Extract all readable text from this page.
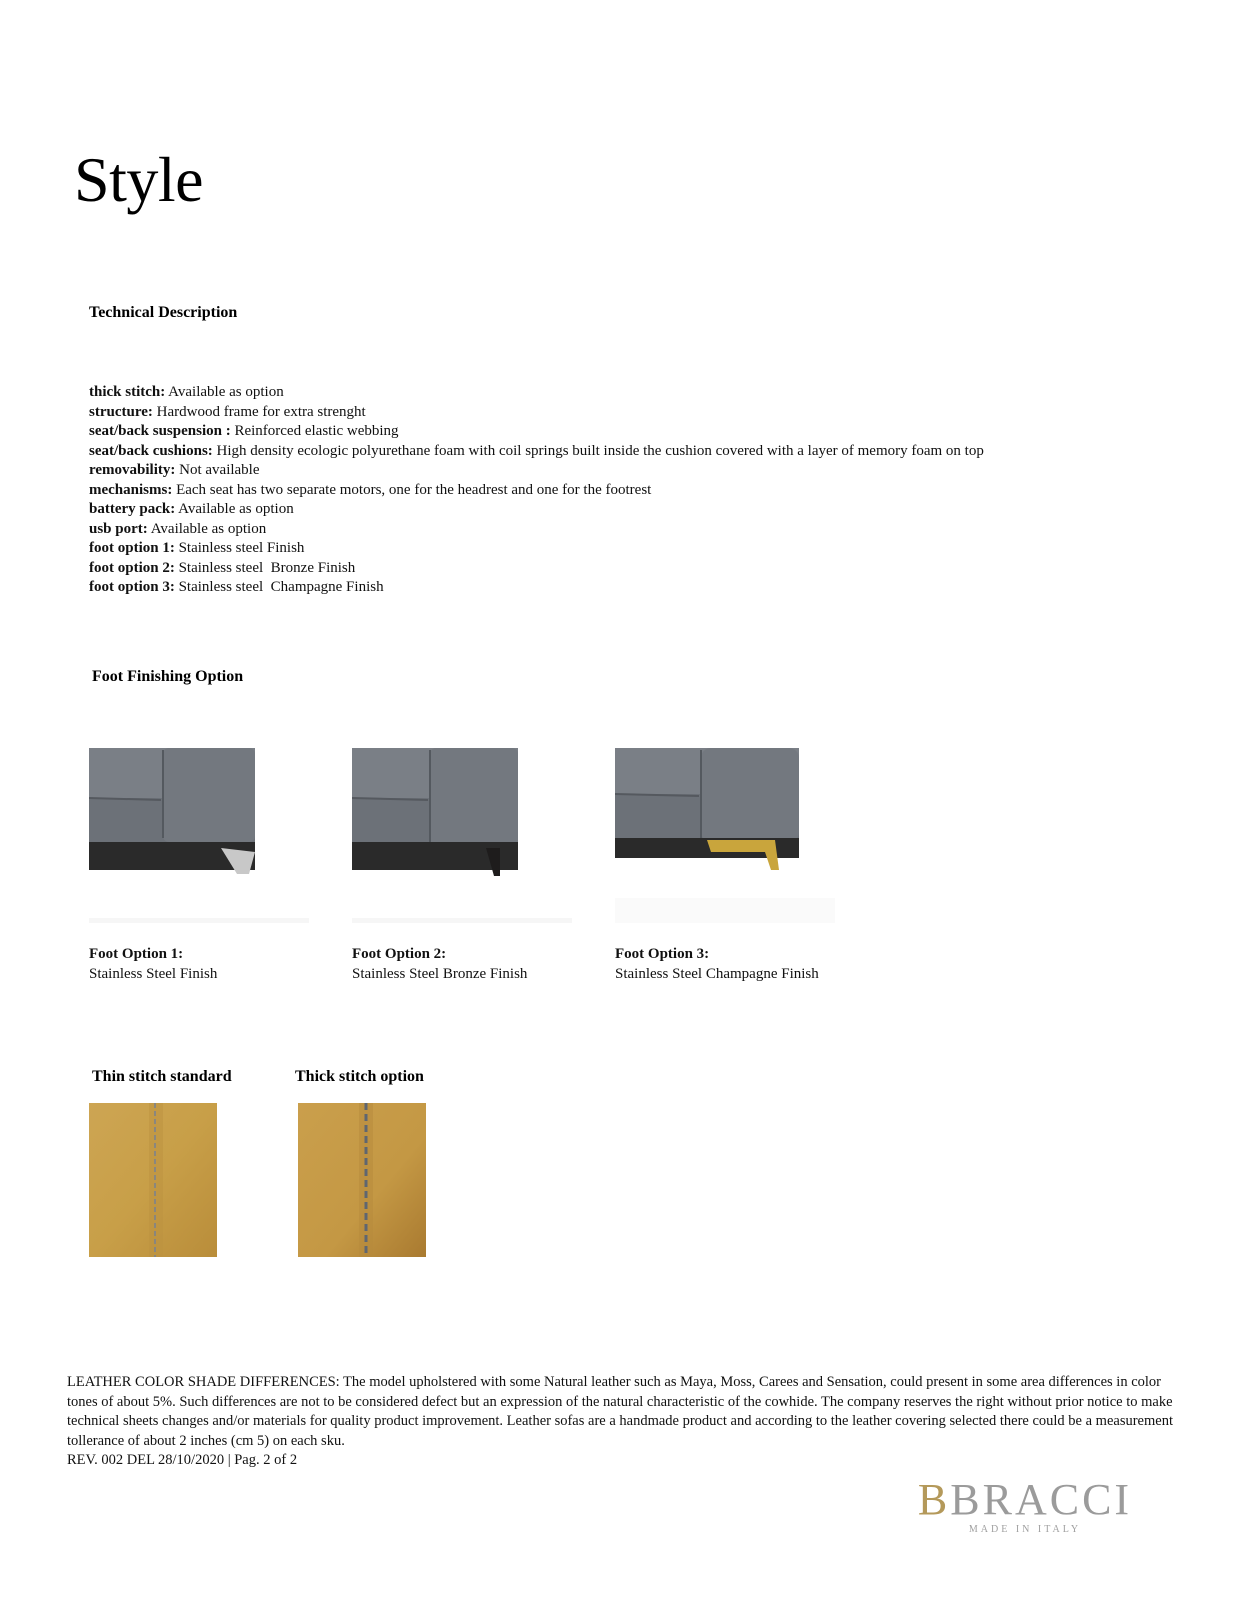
Style
Technical Description
thick stitch: Available as option
structure: Hardwood frame for extra strenght
seat/back suspension : Reinforced elastic webbing
seat/back cushions: High density ecologic polyurethane foam with coil springs built inside the cushion covered with a layer of memory foam on top
removability: Not available
mechanisms: Each seat has two separate motors, one for the headrest and one for the footrest
battery pack: Available as option
usb port: Available as option
foot option 1: Stainless steel Finish
foot option 2: Stainless steel  Bronze Finish
foot option 3: Stainless steel  Champagne Finish
Foot Finishing Option
Foot Option 1:
Stainless Steel Finish
Foot Option 2:
Stainless Steel Bronze Finish
Foot Option 3:
Stainless Steel Champagne Finish
Thin stitch standard	Thick stitch option
LEATHER COLOR SHADE DIFFERENCES: The model upholstered with some Natural leather such as Maya, Moss, Carees and Sensation, could present in some area differences in color tones of about 5%. Such differences are not to be considered defect but an expression of the natural characteristic of the cowhide. The company reserves the right without prior notice to make technical sheets changes and/or materials for quality product improvement. Leather sofas are a handmade product and according to the leather covering selected there could be a measurement tollerance of about 2 inches (cm 5) on each sku.
REV. 002 DEL 28/10/2020 | Pag. 2 of 2
BBRACCI
MADE IN ITALY
